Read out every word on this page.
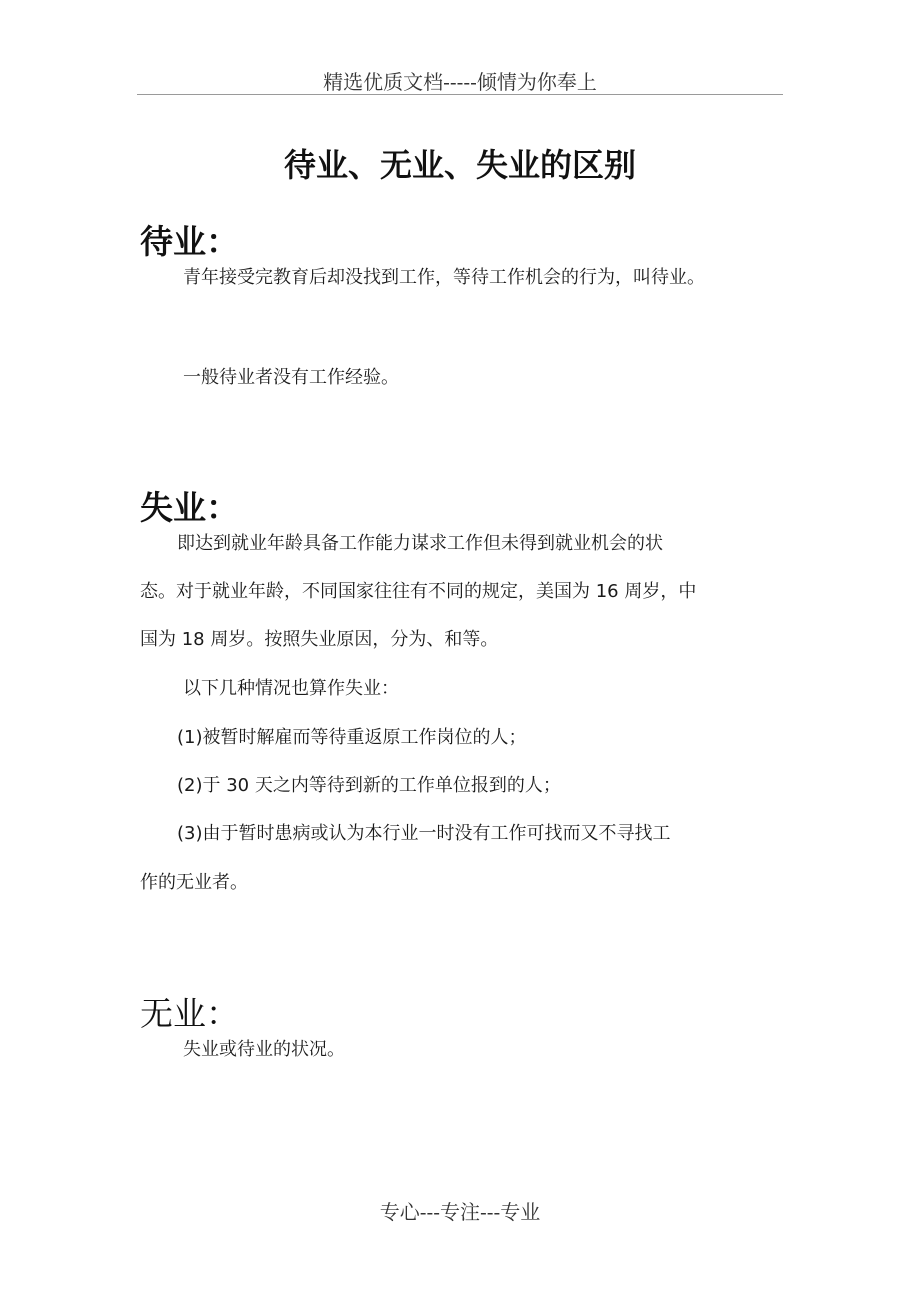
精选优质文档-----倾情为你奉上
待业、无业、失业的区别
待业：
青年接受完教育后却没找到工作，等待工作机会的行为，叫待业。
一般待业者没有工作经验。
失业：
即达到就业年龄具备工作能力谋求工作但未得到就业机会的状
态。对于就业年龄，不同国家往往有不同的规定，美国为 16 周岁，中
国为 18 周岁。按照失业原因，分为、和等。
以下几种情况也算作失业：
(1)被暂时解雇而等待重返原工作岗位的人；
(2)于 30 天之内等待到新的工作单位报到的人；
(3)由于暂时患病或认为本行业一时没有工作可找而又不寻找工
作的无业者。
无业：
失业或待业的状况。
专心---专注---专业
